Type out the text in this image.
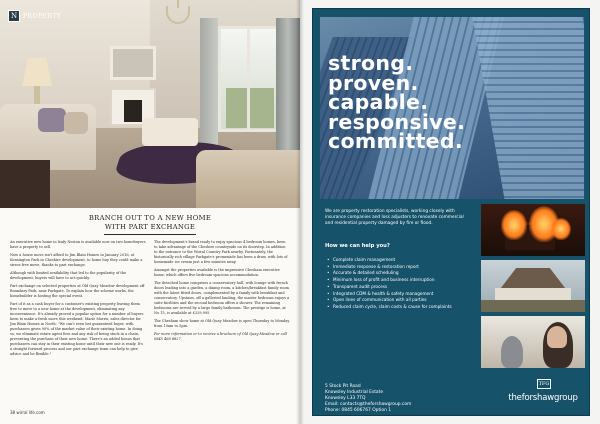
N PROPERTY
BRANCH OUT TO A NEW HOME
WITH PART EXCHANGE

An executive new home in leafy Neston is available now on two homebuyers have a property to sell.

Now a house move isn't afford to Jim Blain Homes in January 2016, at Kensington Park in Cheshire development, to home buy they could make a stress free move, thanks to part exchange.

Although with limited availability that led to the popularity of the development, buyers will have to act quickly.

Part exchange on selected properties at Old Quay Meadow development off Boundary Park, near Parkgate. To explain how the scheme works, the homebuilder is hosting the special event.

Part of it as a cash buyer for a customer's existing property leaving them free to move to a new home at the development, eliminating any inconvenience. It's already proved a popular option for a number of buyers keen to make a fresh move this weekend. Marie Morris, sales director for Jim Blain Homes in North: "We can't even bet guaranteed buyer, with purchasers given 90% of the market value of their existing home. In doing so, we eliminate estate agent fees and any risk of being stuck in a chain, preventing the purchase of their new home. There's an added bonus that purchasers can stay in their existing home until their new one is ready. It's a straight forward process and our part exchange team can help to give advice and be flexible."

The development's brand ready to enjoy spacious 4 bedroom homes, keen to take advantage of the Cheshire countryside on its doorstep. In addition to the entrance to the Wirral Country Park nearby. Fortunately, the historically rich village Parkgate's promenade has been a draw, with lots of homemade ice cream just a few minutes away.

Amongst the properties available is the impressive Chesham executive home, which offers five bedroom spacious accommodation.

The detached home comprises a conservatory hall, with lounge with french doors leading into a garden, a dining room, a kitchen/breakfast family room with the latest fitted doors, complemented by a family with breakfast and conservatory. Upstairs, off a galleried landing, the master bedroom enjoys a suite facilities and the second bedroom offers a shower. The remaining bedrooms are served by a large family bathroom. The prestige is home, at No 15, is available at £329,995.

The Chesham show home at Old Quay Meadow is open Thursday to Monday from 10am to 5pm.

For more information or to receive a brochure of Old Quay Meadow or call 0845 468 8827.

38 wirral life.com
strong.
proven.
capable.
responsive.
committed.
We are property restoration specialists, working closely with insurance companies and loss adjusters to renovate commercial and residential property damaged by fire or flood.
How we can help you?
• Complete claim management
• Immediate response & restoration report
• Accurate & detailed scheduling
• Minimum loss of profit and business interruption
• Transparent audit process
• Integrated CDM & health & safety management
• Open lines of communication with all parties
• Reduced claim cycle, claim costs & cause for complaints
5 Stock Pit Road
Knowsley Industrial Estate
Knowsley L33 7TQ
Email: contacts@theforshawgroup.com
Phone: 0845 606767 Option 1
TFG
theforshawgroup
